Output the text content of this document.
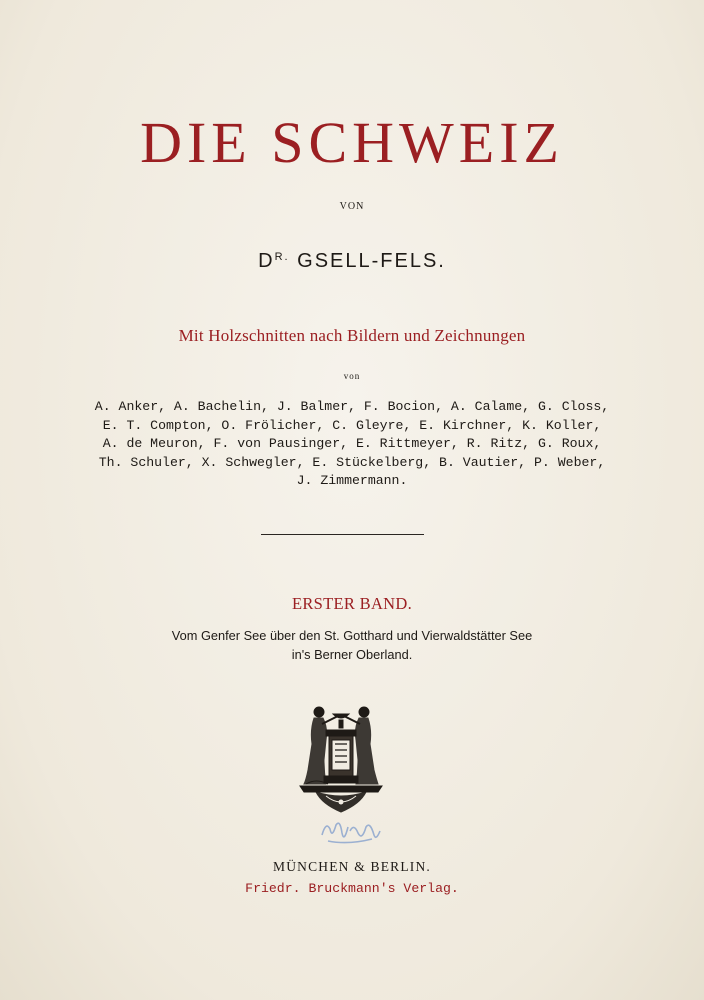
DIE SCHWEIZ
VON
$D^{R.}$ GSELL-FELS.
Mit Holzschnitten nach Bildern und Zeichnungen
von
A. Anker, A. Bachelin, J. Balmer, F. Bocion, A. Calame, G. Closs,
E. T. Compton, O. Frölicher, C. Gleyre, E. Kirchner, K. Koller,
A. de Meuron, F. von Pausinger, E. Rittmeyer, R. Ritz, G. Roux,
Th. Schuler, X. Schwegler, E. Stückelberg, B. Vautier, P. Weber,
J. Zimmermann.
ERSTER BAND.
Vom Genfer See über den St. Gotthard und Vierwaldstätter See
in's Berner Oberland.
MÜNCHEN & BERLIN.
Friedr. Bruckmann's Verlag.
